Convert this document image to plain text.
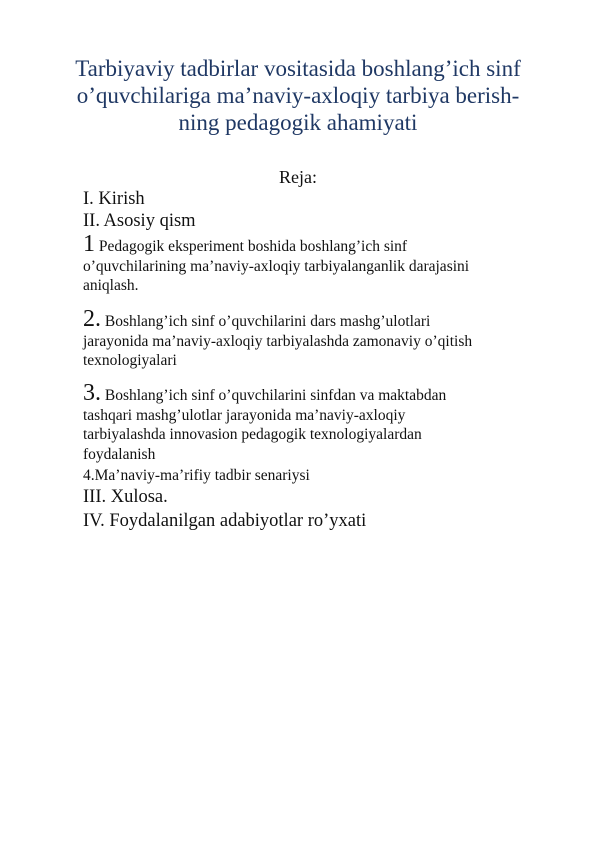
Tarbiyaviy tadbirlar vositasida boshlang’ich sinf
o’quvchilariga ma’naviy-axloqiy tarbiya berish-
ning pedagogik ahamiyati
Reja:
I. Kirish
II. Asosiy qism
1 Pedagogik eksperiment boshida boshlang’ich sinf
o’quvchilarining ma’naviy-axloqiy tarbiyalanganlik darajasini
aniqlash.
2. Boshlang’ich sinf o’quvchilarini dars mashg’ulotlari
jarayonida ma’naviy-axloqiy tarbiyalashda zamonaviy o’qitish
texnologiyalari
3. Boshlang’ich sinf o’quvchilarini sinfdan va maktabdan
tashqari mashg’ulotlar jarayonida ma’naviy-axloqiy
tarbiyalashda innovasion pedagogik texnologiyalardan
foydalanish
4.Ma’naviy-ma’rifiy tadbir senariysi
III. Xulosa.
IV. Foydalanilgan adabiyotlar ro’yxati
